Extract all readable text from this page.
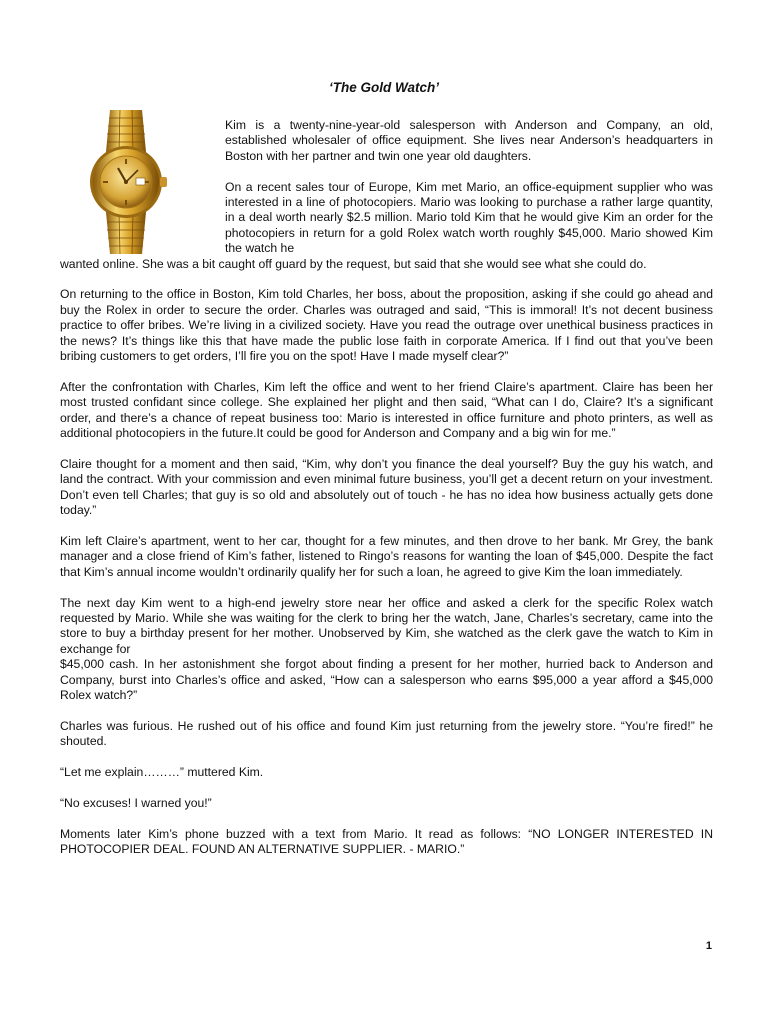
‘The Gold Watch’

Kim is a twenty-nine-year-old salesperson with Anderson and Company, an old, established wholesaler of office equipment. She lives near Anderson’s headquarters in Boston with her partner and twin one year old daughters.

On a recent sales tour of Europe, Kim met Mario, an office-equipment supplier who was interested in a line of photocopiers. Mario was looking to purchase a rather large quantity, in a deal worth nearly $2.5 million. Mario told Kim that he would give Kim an order for the photocopiers in return for a gold Rolex watch worth roughly $45,000. Mario showed Kim the watch he

wanted online. She was a bit caught off guard by the request, but said that she would see what she could do.

On returning to the office in Boston, Kim told Charles, her boss, about the proposition, asking if she could go ahead and buy the Rolex in order to secure the order. Charles was outraged and said, “This is immoral! It’s not decent business practice to offer bribes. We’re living in a civilized society. Have you read the outrage over unethical business practices in the news? It’s things like this that have made the public lose faith in corporate America. If I find out that you’ve been bribing customers to get orders, I’ll fire you on the spot! Have I made myself clear?”

After the confrontation with Charles, Kim left the office and went to her friend Claire’s apartment. Claire has been her most trusted confidant since college. She explained her plight and then said, “What can I do, Claire? It’s a significant order, and there’s a chance of repeat business too: Mario is interested in office furniture and photo printers, as well as additional photocopiers in the future.It could be good for Anderson and Company and a big win for me.”

Claire thought for a moment and then said, “Kim, why don’t you finance the deal yourself? Buy the guy his watch, and land the contract. With your commission and even minimal future business, you’ll get a decent return on your investment. Don’t even tell Charles; that guy is so old and absolutely out of touch - he has no idea how business actually gets done today.”

Kim left Claire’s apartment, went to her car, thought for a few minutes, and then drove to her bank. Mr Grey, the bank manager and a close friend of Kim’s father, listened to Ringo’s reasons for wanting the loan of $45,000. Despite the fact that Kim’s annual income wouldn’t ordinarily qualify her for such a loan, he agreed to give Kim the loan immediately.

The next day Kim went to a high-end jewelry store near her office and asked a clerk for the specific Rolex watch requested by Mario. While she was waiting for the clerk to bring her the watch, Jane, Charles’s secretary, came into the store to buy a birthday present for her mother. Unobserved by Kim, she watched as the clerk gave the watch to Kim in exchange for

$45,000 cash. In her astonishment she forgot about finding a present for her mother, hurried back to Anderson and Company, burst into Charles’s office and asked, “How can a salesperson who earns $95,000 a year afford a $45,000 Rolex watch?”

Charles was furious. He rushed out of his office and found Kim just returning from the jewelry store. “You’re fired!” he shouted.

“Let me explain………” muttered Kim.

“No excuses! I warned you!”

Moments later Kim’s phone buzzed with a text from Mario. It read as follows: “NO LONGER INTERESTED IN PHOTOCOPIER DEAL. FOUND AN ALTERNATIVE SUPPLIER. - MARIO.”

1
